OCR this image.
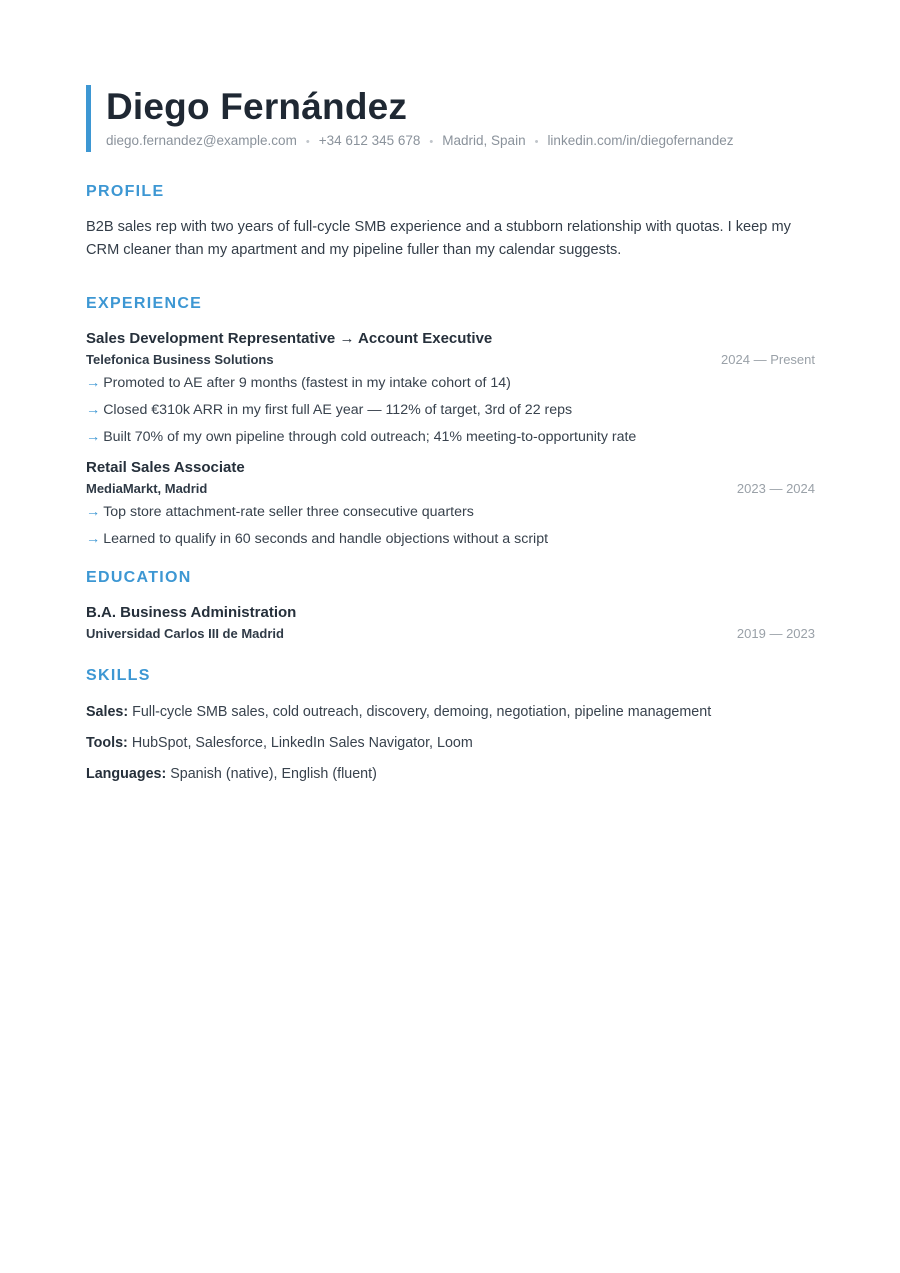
Diego Fernández
diego.fernandez@example.com • +34 612 345 678 • Madrid, Spain • linkedin.com/in/diegofernandez
PROFILE

B2B sales rep with two years of full-cycle SMB experience and a stubborn relationship with quotas. I keep my CRM cleaner than my apartment and my pipeline fuller than my calendar suggests.

EXPERIENCE
Sales Development Representative → Account Executive
Telefonica Business Solutions	2024 — Present
→ Promoted to AE after 9 months (fastest in my intake cohort of 14)
→ Closed €310k ARR in my first full AE year — 112% of target, 3rd of 22 reps
→ Built 70% of my own pipeline through cold outreach; 41% meeting-to-opportunity rate
Retail Sales Associate
MediaMarkt, Madrid	2023 — 2024
→ Top store attachment-rate seller three consecutive quarters
→ Learned to qualify in 60 seconds and handle objections without a script
EDUCATION
B.A. Business Administration
Universidad Carlos III de Madrid	2019 — 2023
SKILLS
Sales: Full-cycle SMB sales, cold outreach, discovery, demoing, negotiation, pipeline management
Tools: HubSpot, Salesforce, LinkedIn Sales Navigator, Loom
Languages: Spanish (native), English (fluent)
